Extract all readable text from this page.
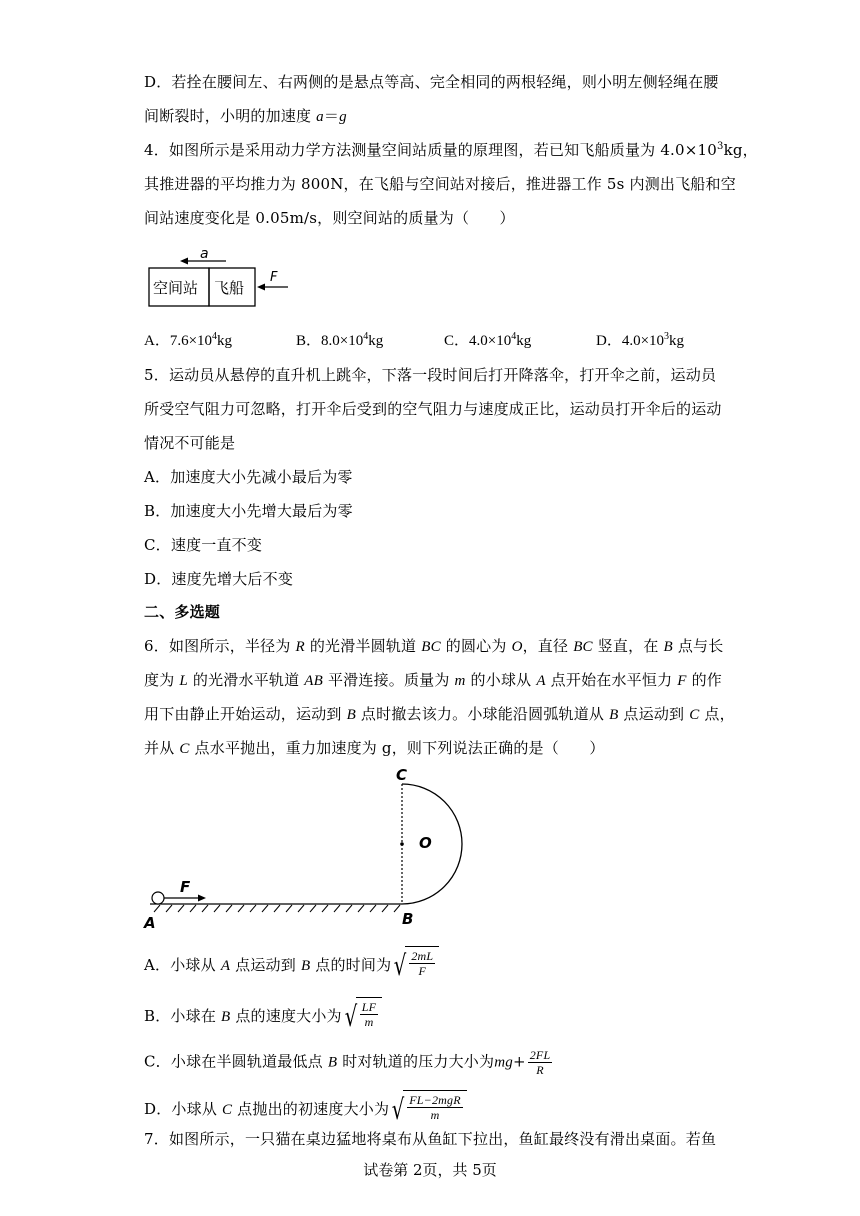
D．若拴在腰间左、右两侧的是悬点等高、完全相同的两根轻绳，则小明左侧轻绳在腰
间断裂时，小明的加速度 a＝g
4．如图所示是采用动力学方法测量空间站质量的原理图，若已知飞船质量为 $4.0\times 10^3kg$，
其推进器的平均推力为 800N，在飞船与空间站对接后，推进器工作 5s 内测出飞船和空
间站速度变化是 0.05m/s，则空间站的质量为（　　）
a
空间站 飞船
F
A．$7.6\times 10^4kg$	B．$8.0\times 10^4kg$	C．$4.0\times 10^4kg$	D．$4.0\times 10^3kg$
5．运动员从悬停的直升机上跳伞，下落一段时间后打开降落伞，打开伞之前，运动员
所受空气阻力可忽略，打开伞后受到的空气阻力与速度成正比，运动员打开伞后的运动
情况不可能是
A．加速度大小先减小最后为零
B．加速度大小先增大最后为零
C．速度一直不变
D．速度先增大后不变
二、多选题
6．如图所示，半径为 R 的光滑半圆轨道 BC 的圆心为 O，直径 BC 竖直，在 B 点与长
度为 L 的光滑水平轨道 AB 平滑连接。质量为 m 的小球从 A 点开始在水平恒力 F 的作
用下由静止开始运动，运动到 B 点时撤去该力。小球能沿圆弧轨道从 B 点运动到 C 点，
并从 C 点水平抛出，重力加速度为 g，则下列说法正确的是（　　）
C
O
F
A	B
A．小球从 A 点运动到 B 点的时间为 √ $\frac{2mL}{F}$
B．小球在 B 点的速度大小为 √ $\frac{LF}{m}$
C．小球在半圆轨道最低点 B 时对轨道的压力大小为$mg+ \frac{2FL}{R}$
D．小球从 C 点抛出的初速度大小为 √ $\frac{\text{FL−2mgR}}{m}$
7．如图所示，一只猫在桌边猛地将桌布从鱼缸下拉出，鱼缸最终没有滑出桌面。若鱼
试卷第 2页，共 5页
